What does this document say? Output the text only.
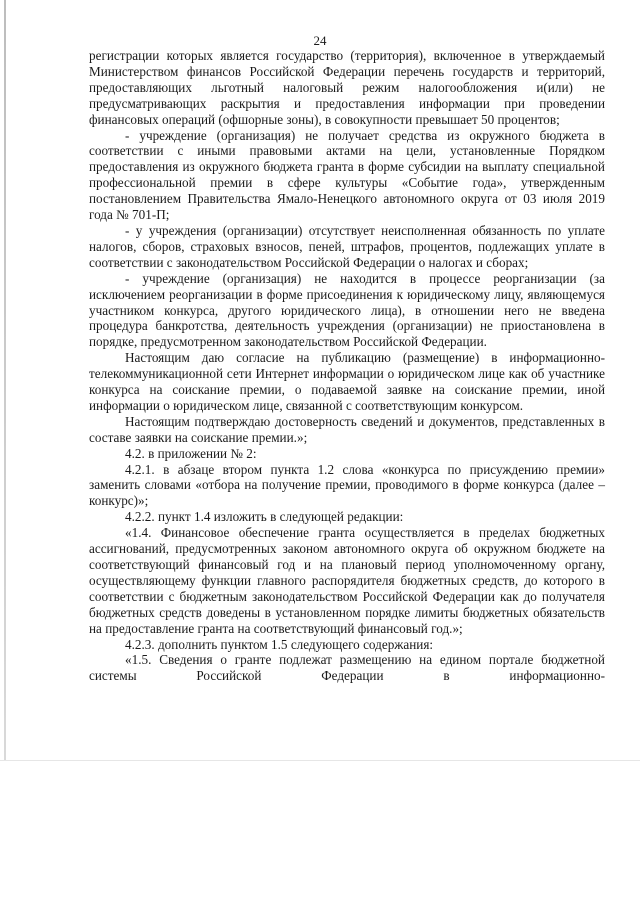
24

регистрации которых является государство (территория), включенное в утверждаемый Министерством финансов Российской Федерации перечень государств и территорий, предоставляющих льготный налоговый режим налогообложения и(или) не предусматривающих раскрытия и предоставления информации при проведении финансовых операций (офшорные зоны), в совокупности превышает 50 процентов;

- учреждение (организация) не получает средства из окружного бюджета в соответствии с иными правовыми актами на цели, установленные Порядком предоставления из окружного бюджета гранта в форме субсидии на выплату специальной профессиональной премии в сфере культуры «Событие года», утвержденным постановлением Правительства Ямало-Ненецкого автономного округа от 03 июля 2019 года № 701-П;

- у учреждения (организации) отсутствует неисполненная обязанность по уплате налогов, сборов, страховых взносов, пеней, штрафов, процентов, подлежащих уплате в соответствии с законодательством Российской Федерации о налогах и сборах;

- учреждение (организация) не находится в процессе реорганизации (за исключением реорганизации в форме присоединения к юридическому лицу, являющемуся участником конкурса, другого юридического лица), в отношении него не введена процедура банкротства, деятельность учреждения (организации) не приостановлена в порядке, предусмотренном законодательством Российской Федерации.

Настоящим даю согласие на публикацию (размещение) в информационно-телекоммуникационной сети Интернет информации о юридическом лице как об участнике конкурса на соискание премии, о подаваемой заявке на соискание премии, иной информации о юридическом лице, связанной с соответствующим конкурсом.

Настоящим подтверждаю достоверность сведений и документов, представленных в составе заявки на соискание премии.»;

4.2. в приложении № 2:

4.2.1. в абзаце втором пункта 1.2 слова «конкурса по присуждению премии» заменить словами «отбора на получение премии, проводимого в форме конкурса (далее – конкурс)»;

4.2.2. пункт 1.4 изложить в следующей редакции:

«1.4. Финансовое обеспечение гранта осуществляется в пределах бюджетных ассигнований, предусмотренных законом автономного округа об окружном бюджете на соответствующий финансовый год и на плановый период уполномоченному органу, осуществляющему функции главного распорядителя бюджетных средств, до которого в соответствии с бюджетным законодательством Российской Федерации как до получателя бюджетных средств доведены в установленном порядке лимиты бюджетных обязательств на предоставление гранта на соответствующий финансовый год.»;

4.2.3. дополнить пунктом 1.5 следующего содержания:

«1.5. Сведения о гранте подлежат размещению на едином портале бюджетной системы Российской Федерации в информационно-
